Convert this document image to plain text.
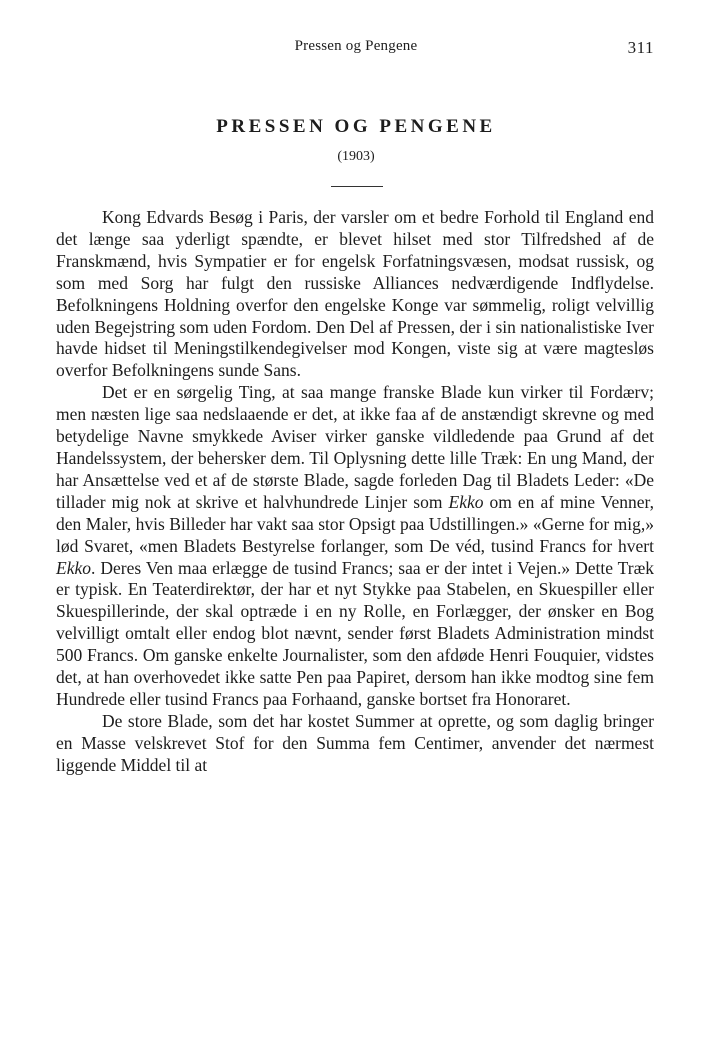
Pressen og Pengene	311
PRESSEN OG PENGENE
(1903)

Kong Edvards Besøg i Paris, der varsler om et bedre Forhold til England end det længe saa yderligt spændte, er blevet hilset med stor Tilfredshed af de Franskmænd, hvis Sympatier er for engelsk Forfatningsvæsen, modsat russisk, og som med Sorg har fulgt den russiske Alliances nedværdigende Indflydelse. Befolkningens Holdning overfor den engelske Konge var sømmelig, roligt velvillig uden Begejstring som uden Fordom. Den Del af Pressen, der i sin nationalistiske Iver havde hidset til Meningstilkendegivelser mod Kongen, viste sig at være magtesløs overfor Befolkningens sunde Sans.

Det er en sørgelig Ting, at saa mange franske Blade kun virker til Fordærv; men næsten lige saa nedslaaende er det, at ikke faa af de anstændigt skrevne og med betydelige Navne smykkede Aviser virker ganske vildledende paa Grund af det Handelssystem, der behersker dem. Til Oplysning dette lille Træk: En ung Mand, der har Ansættelse ved et af de største Blade, sagde forleden Dag til Bladets Leder: «De tillader mig nok at skrive et halvhundrede Linjer som Ekko om en af mine Venner, den Maler, hvis Billeder har vakt saa stor Opsigt paa Udstillingen.» «Gerne for mig,» lød Svaret, «men Bladets Bestyrelse forlanger, som De véd, tusind Francs for hvert Ekko. Deres Ven maa erlægge de tusind Francs; saa er der intet i Vejen.» Dette Træk er typisk. En Teaterdirektør, der har et nyt Stykke paa Stabelen, en Skuespiller eller Skuespillerinde, der skal optræde i en ny Rolle, en Forlægger, der ønsker en Bog velvilligt omtalt eller endog blot nævnt, sender først Bladets Administration mindst 500 Francs. Om ganske enkelte Journalister, som den afdøde Henri Fouquier, vidstes det, at han overhovedet ikke satte Pen paa Papiret, dersom han ikke modtog sine fem Hundrede eller tusind Francs paa Forhaand, ganske bortset fra Honoraret.

De store Blade, som det har kostet Summer at oprette, og som daglig bringer en Masse velskrevet Stof for den Summa fem Centimer, anvender det nærmest liggende Middel til at
